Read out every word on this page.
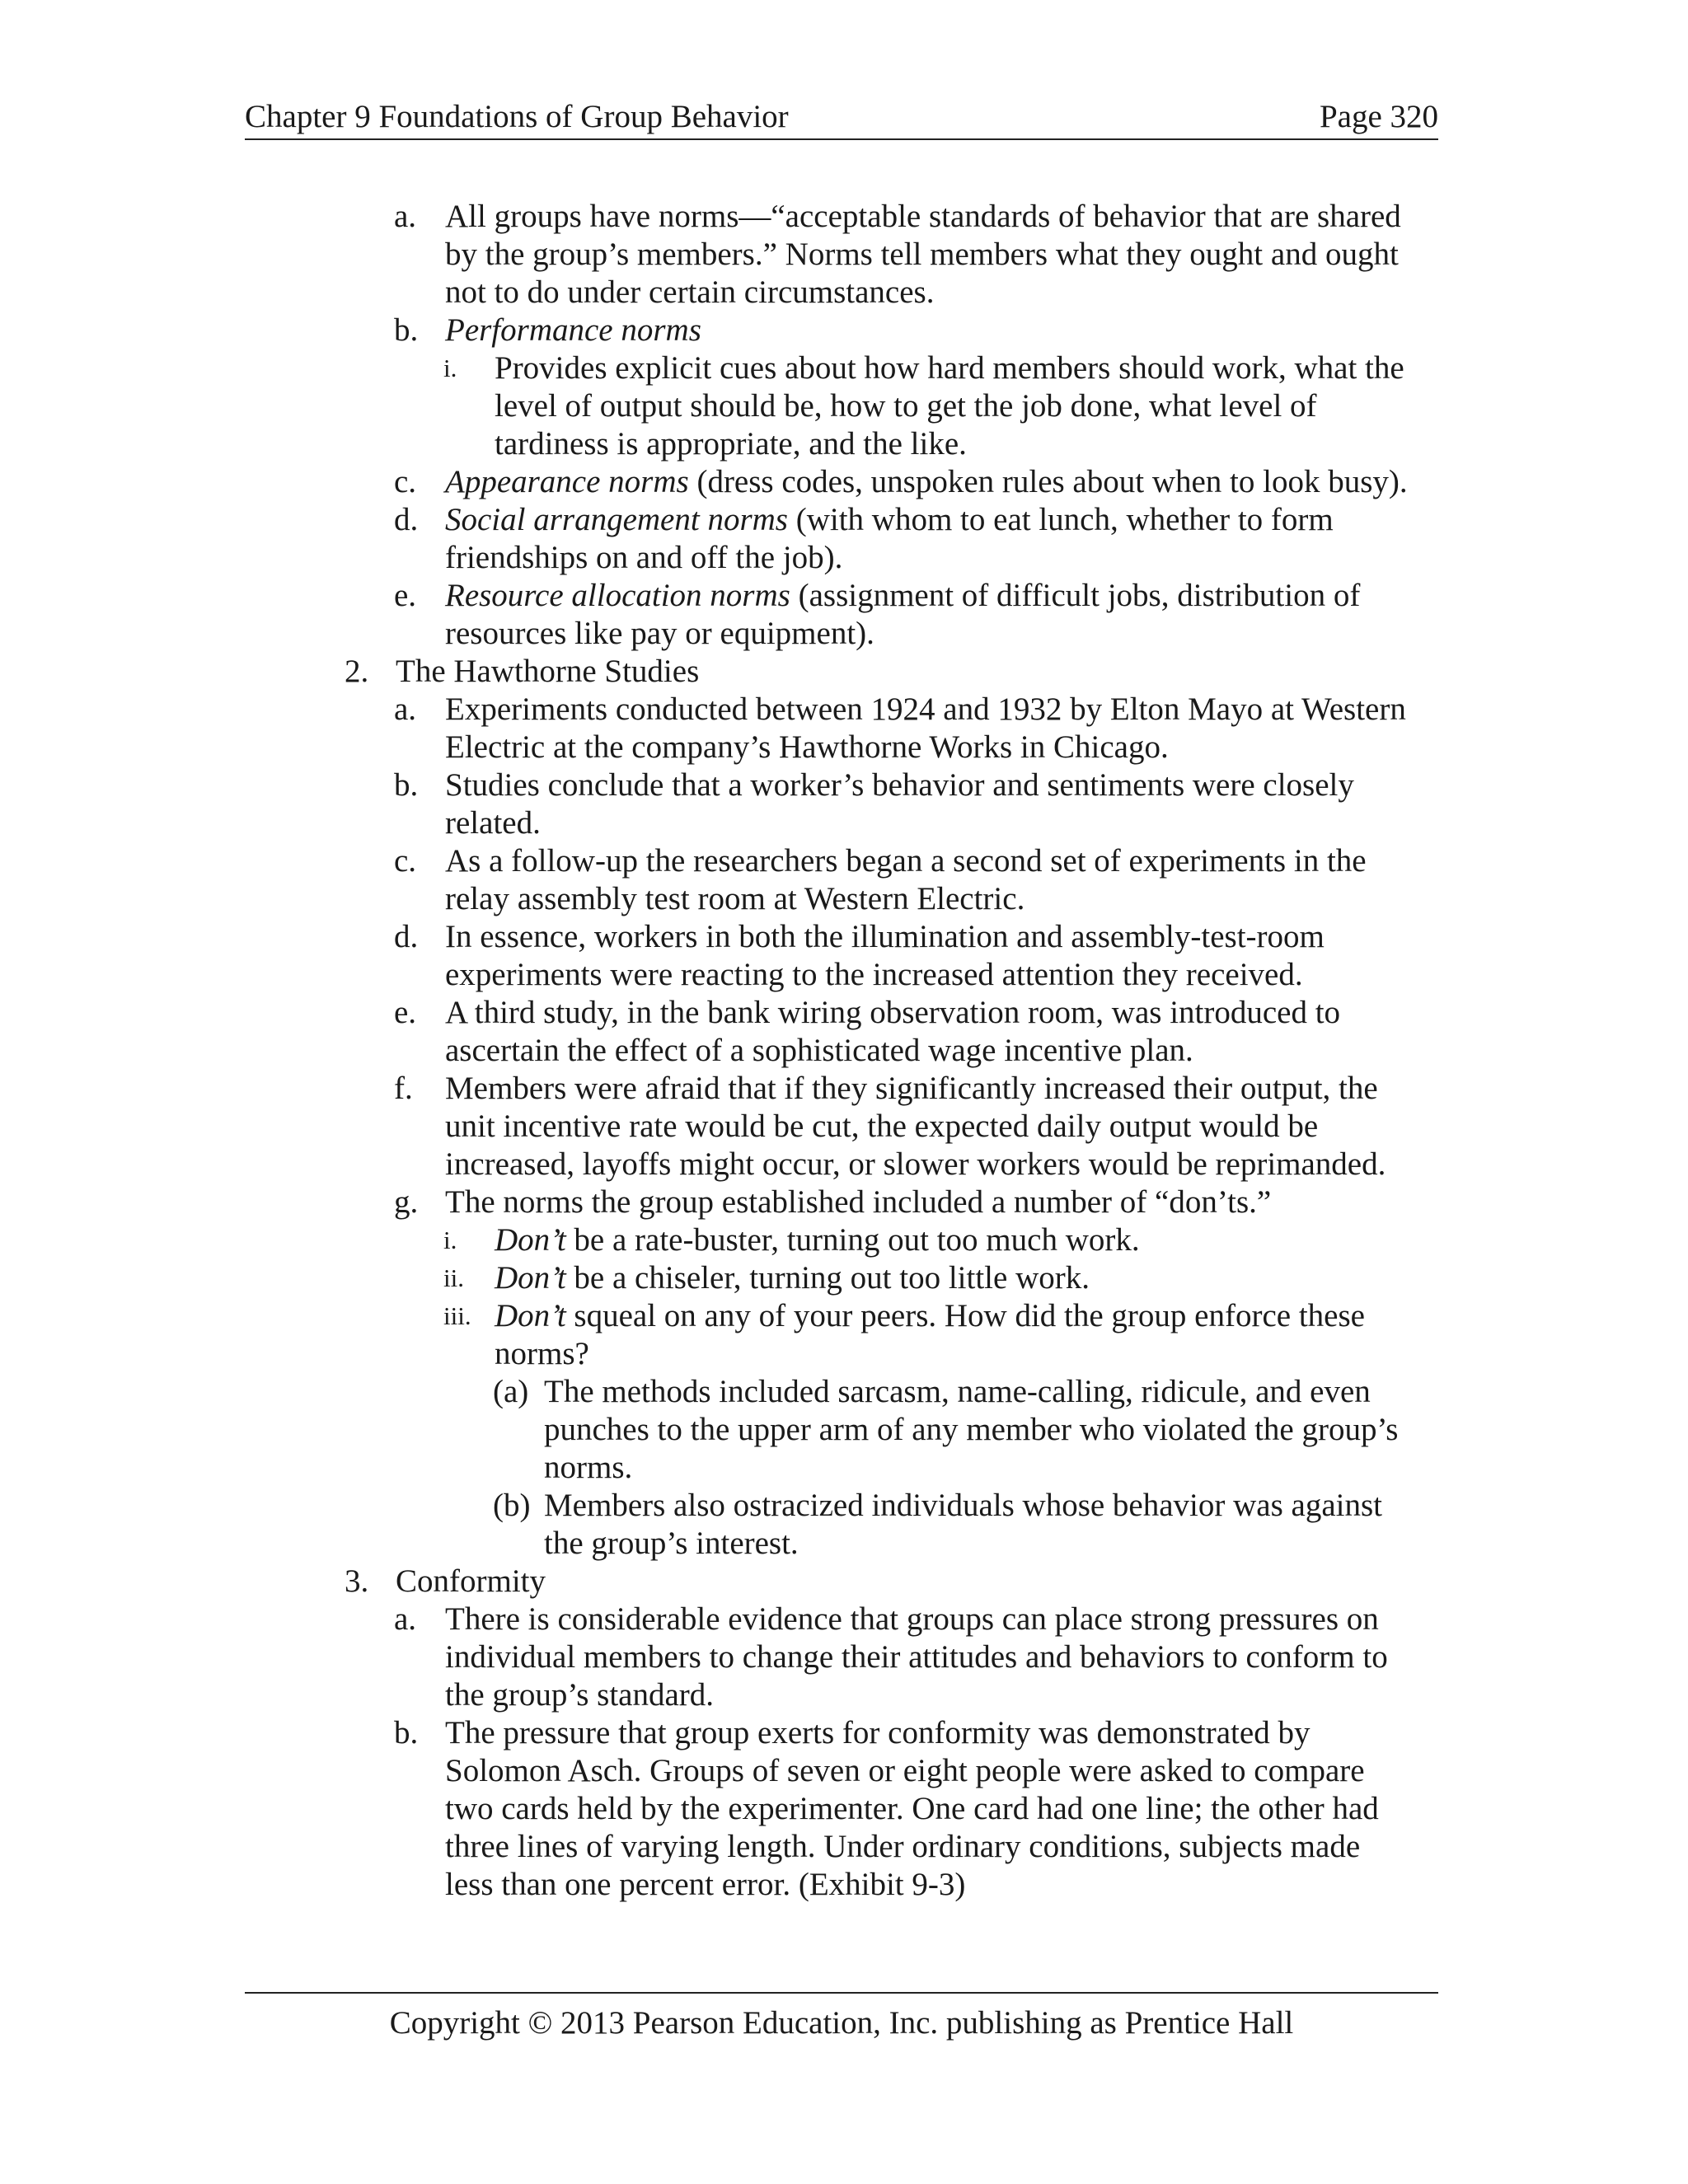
Chapter 9 Foundations of Group Behavior	Page 320
a. All groups have norms—“acceptable standards of behavior that are shared
by the group’s members.” Norms tell members what they ought and ought
not to do under certain circumstances.
b. Performance norms
i. Provides explicit cues about how hard members should work, what the
level of output should be, how to get the job done, what level of
tardiness is appropriate, and the like.
c. Appearance norms (dress codes, unspoken rules about when to look busy).
d. Social arrangement norms (with whom to eat lunch, whether to form
friendships on and off the job).
e. Resource allocation norms (assignment of difficult jobs, distribution of
resources like pay or equipment).
2. The Hawthorne Studies
a. Experiments conducted between 1924 and 1932 by Elton Mayo at Western
Electric at the company’s Hawthorne Works in Chicago.
b. Studies conclude that a worker’s behavior and sentiments were closely
related.
c. As a follow-up the researchers began a second set of experiments in the
relay assembly test room at Western Electric.
d. In essence, workers in both the illumination and assembly-test-room
experiments were reacting to the increased attention they received.
e. A third study, in the bank wiring observation room, was introduced to
ascertain the effect of a sophisticated wage incentive plan.
f. Members were afraid that if they significantly increased their output, the
unit incentive rate would be cut, the expected daily output would be
increased, layoffs might occur, or slower workers would be reprimanded.
g. The norms the group established included a number of “don’ts.”
i. Don’t be a rate-buster, turning out too much work.
ii. Don’t be a chiseler, turning out too little work.
iii. Don’t squeal on any of your peers. How did the group enforce these
norms?
(a) The methods included sarcasm, name-calling, ridicule, and even
punches to the upper arm of any member who violated the group’s
norms.
(b) Members also ostracized individuals whose behavior was against
the group’s interest.
3. Conformity
a. There is considerable evidence that groups can place strong pressures on
individual members to change their attitudes and behaviors to conform to
the group’s standard.
b. The pressure that group exerts for conformity was demonstrated by
Solomon Asch. Groups of seven or eight people were asked to compare
two cards held by the experimenter. One card had one line; the other had
three lines of varying length. Under ordinary conditions, subjects made
less than one percent error. (Exhibit 9-3)
Copyright © 2013 Pearson Education, Inc. publishing as Prentice Hall
